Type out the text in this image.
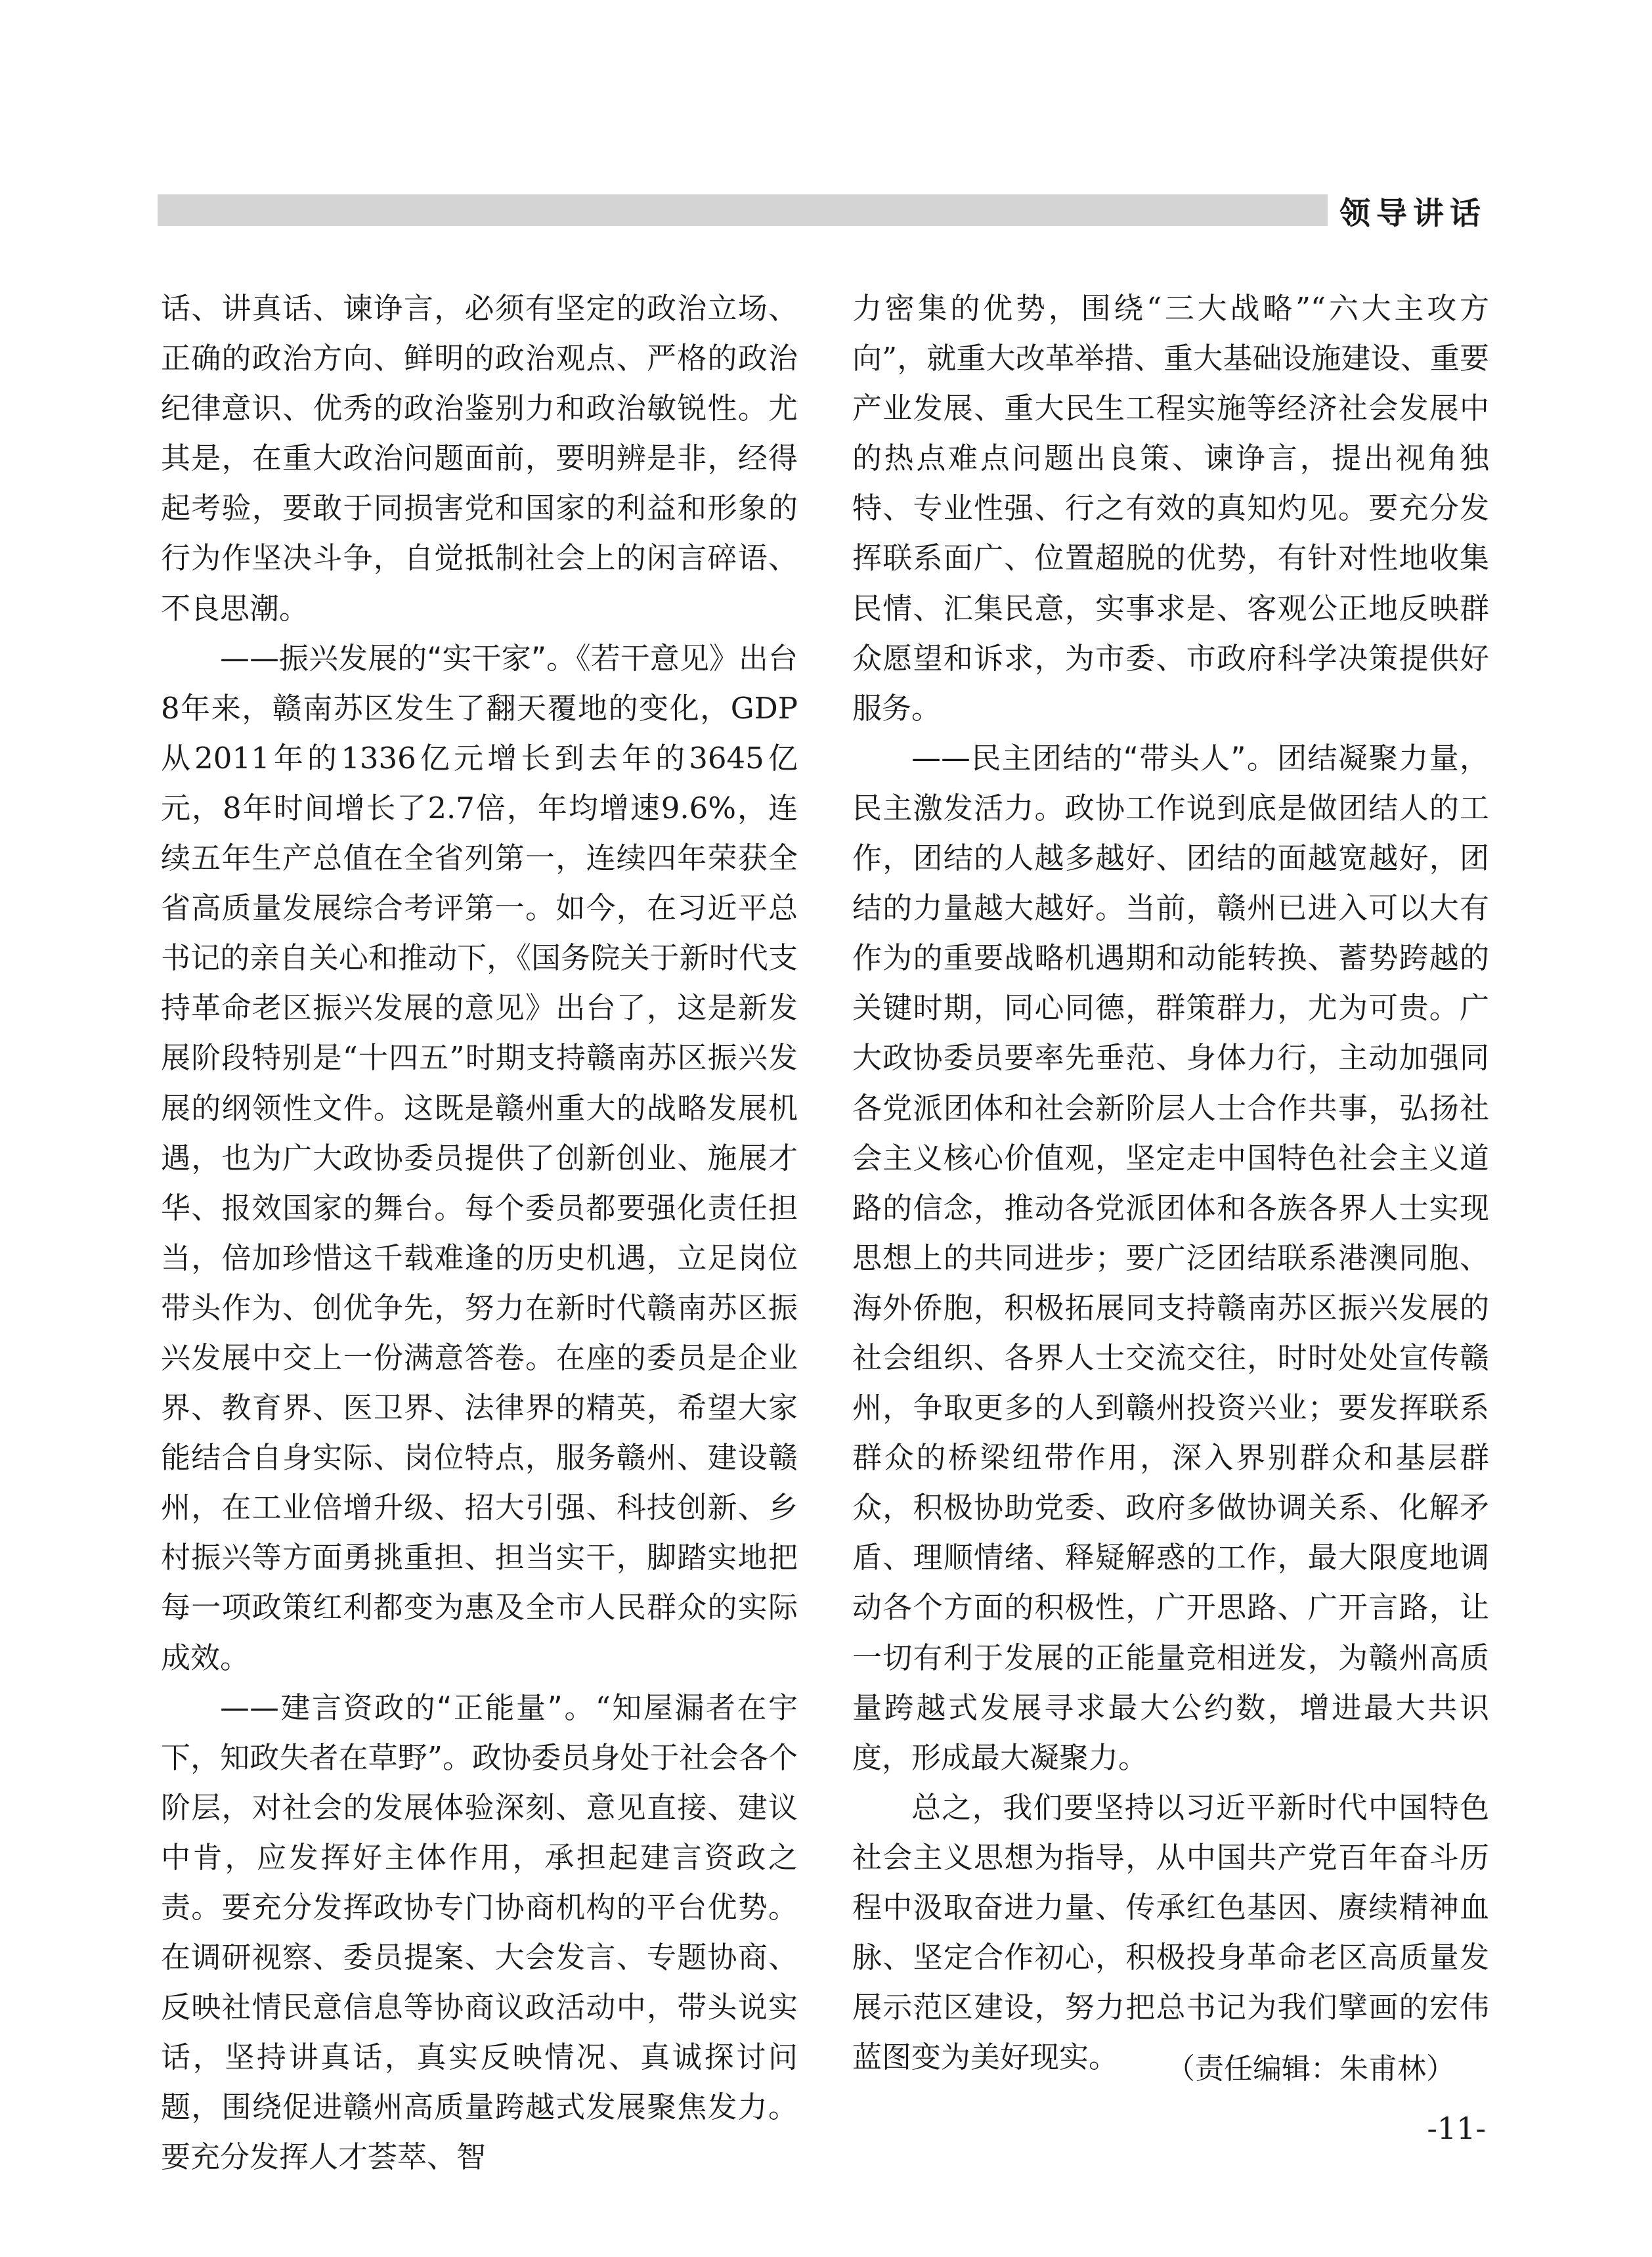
领导讲话

话、讲真话、谏诤言，必须有坚定的政治立场、正确的政治方向、鲜明的政治观点、严格的政治纪律意识、优秀的政治鉴别力和政治敏锐性。尤其是，在重大政治问题面前，要明辨是非，经得起考验，要敢于同损害党和国家的利益和形象的行为作坚决斗争，自觉抵制社会上的闲言碎语、不良思潮。

——振兴发展的“实干家”。《若干意见》出台8年来，赣南苏区发生了翻天覆地的变化，GDP从2011年的1336亿元增长到去年的3645亿元，8年时间增长了2.7倍，年均增速9.6%，连续五年生产总值在全省列第一，连续四年荣获全省高质量发展综合考评第一。如今，在习近平总书记的亲自关心和推动下，《国务院关于新时代支持革命老区振兴发展的意见》出台了，这是新发展阶段特别是“十四五”时期支持赣南苏区振兴发展的纲领性文件。这既是赣州重大的战略发展机遇，也为广大政协委员提供了创新创业、施展才华、报效国家的舞台。每个委员都要强化责任担当，倍加珍惜这千载难逢的历史机遇，立足岗位带头作为、创优争先，努力在新时代赣南苏区振兴发展中交上一份满意答卷。在座的委员是企业界、教育界、医卫界、法律界的精英，希望大家能结合自身实际、岗位特点，服务赣州、建设赣州，在工业倍增升级、招大引强、科技创新、乡村振兴等方面勇挑重担、担当实干，脚踏实地把每一项政策红利都变为惠及全市人民群众的实际成效。

——建言资政的“正能量”。“知屋漏者在宇下，知政失者在草野”。政协委员身处于社会各个阶层，对社会的发展体验深刻、意见直接、建议中肯，应发挥好主体作用，承担起建言资政之责。要充分发挥政协专门协商机构的平台优势。在调研视察、委员提案、大会发言、专题协商、反映社情民意信息等协商议政活动中，带头说实话，坚持讲真话，真实反映情况、真诚探讨问题，围绕促进赣州高质量跨越式发展聚焦发力。要充分发挥人才荟萃、智

力密集的优势，围绕“三大战略”“六大主攻方向”，就重大改革举措、重大基础设施建设、重要产业发展、重大民生工程实施等经济社会发展中的热点难点问题出良策、谏诤言，提出视角独特、专业性强、行之有效的真知灼见。要充分发挥联系面广、位置超脱的优势，有针对性地收集民情、汇集民意，实事求是、客观公正地反映群众愿望和诉求，为市委、市政府科学决策提供好服务。

——民主团结的“带头人”。团结凝聚力量，民主激发活力。政协工作说到底是做团结人的工作，团结的人越多越好、团结的面越宽越好，团结的力量越大越好。当前，赣州已进入可以大有作为的重要战略机遇期和动能转换、蓄势跨越的关键时期，同心同德，群策群力，尤为可贵。广大政协委员要率先垂范、身体力行，主动加强同各党派团体和社会新阶层人士合作共事，弘扬社会主义核心价值观，坚定走中国特色社会主义道路的信念，推动各党派团体和各族各界人士实现思想上的共同进步；要广泛团结联系港澳同胞、海外侨胞，积极拓展同支持赣南苏区振兴发展的社会组织、各界人士交流交往，时时处处宣传赣州，争取更多的人到赣州投资兴业；要发挥联系群众的桥梁纽带作用，深入界别群众和基层群众，积极协助党委、政府多做协调关系、化解矛盾、理顺情绪、释疑解惑的工作，最大限度地调动各个方面的积极性，广开思路、广开言路，让一切有利于发展的正能量竞相迸发，为赣州高质量跨越式发展寻求最大公约数，增进最大共识度，形成最大凝聚力。

总之，我们要坚持以习近平新时代中国特色社会主义思想为指导，从中国共产党百年奋斗历程中汲取奋进力量、传承红色基因、赓续精神血脉、坚定合作初心，积极投身革命老区高质量发展示范区建设，努力把总书记为我们擘画的宏伟蓝图变为美好现实。	（责任编辑：朱甫林）
-11-
